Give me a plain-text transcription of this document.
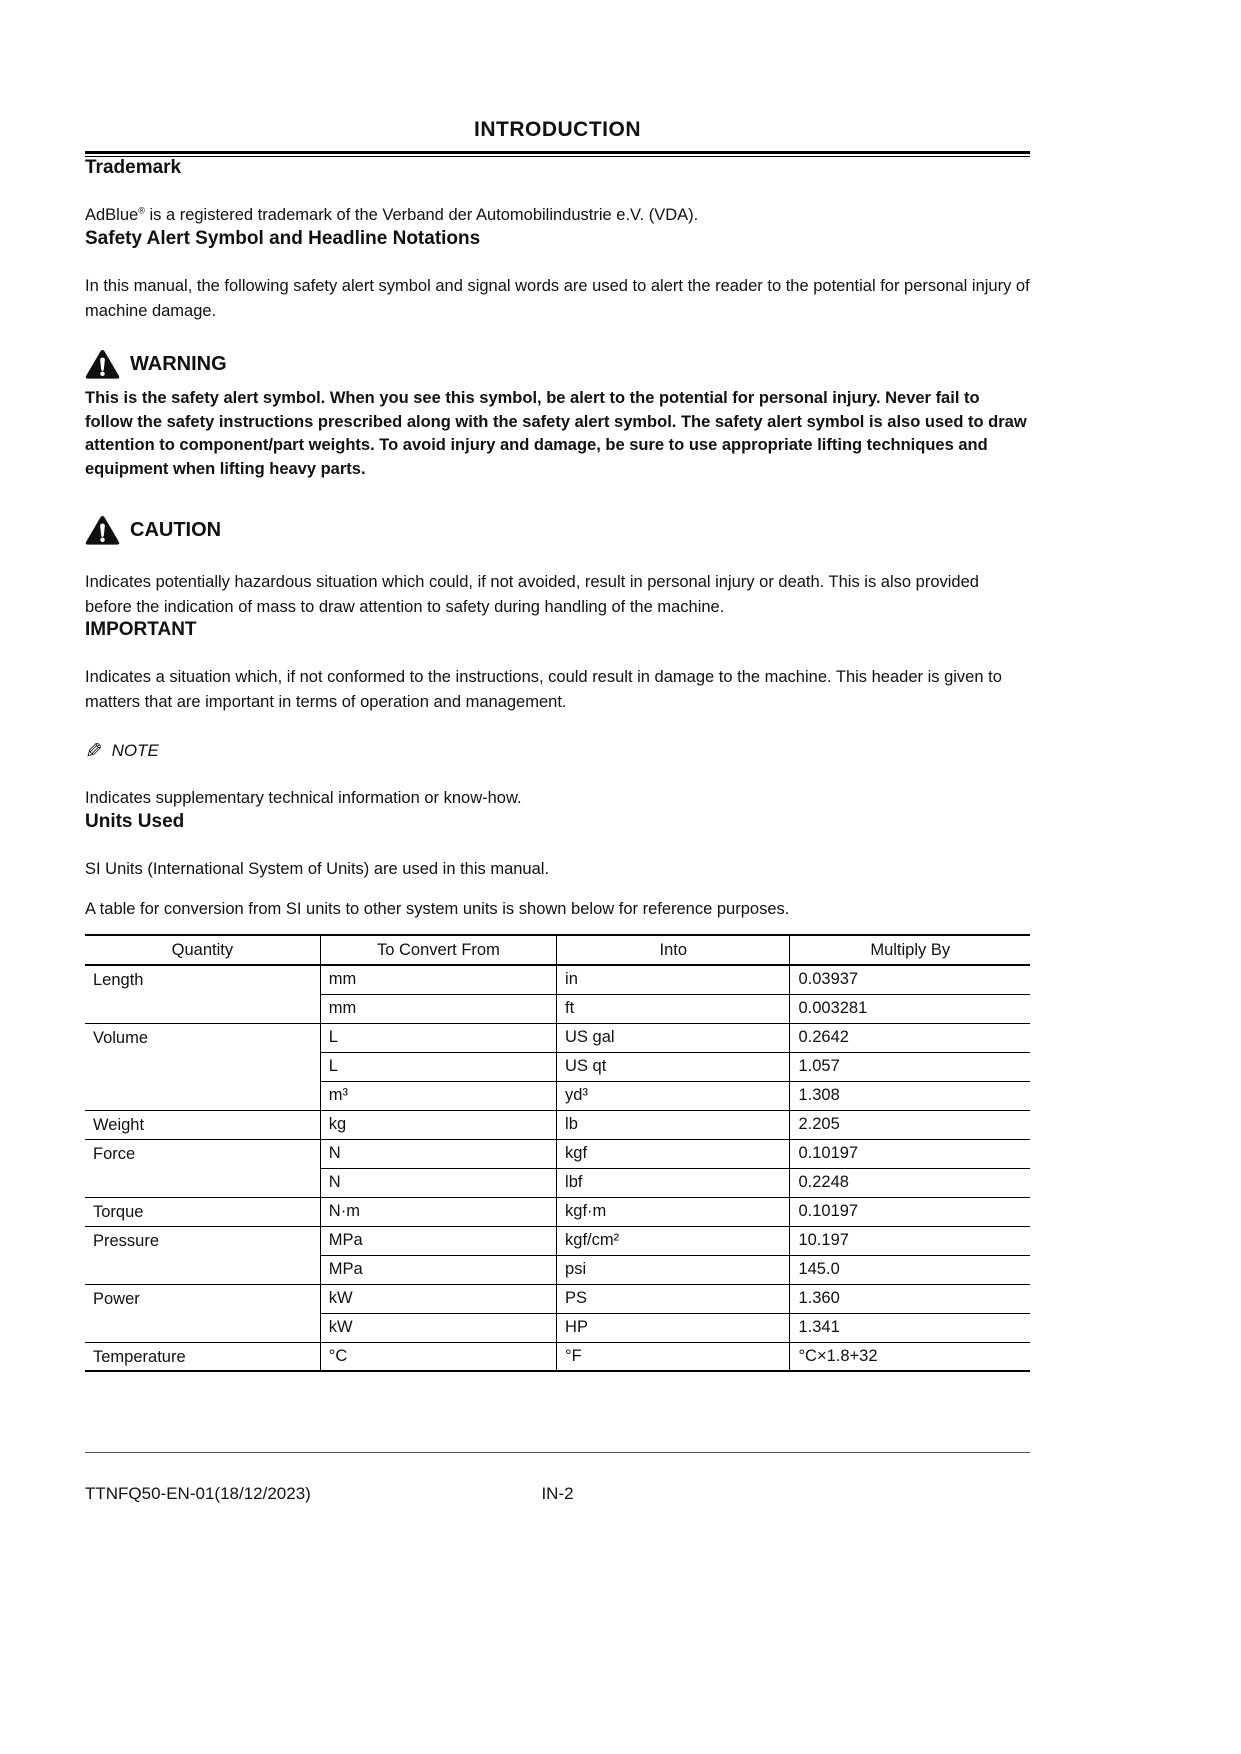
INTRODUCTION
Trademark

AdBlue® is a registered trademark of the Verband der Automobilindustrie e.V. (VDA).

Safety Alert Symbol and Headline Notations

In this manual, the following safety alert symbol and signal words are used to alert the reader to the potential for personal injury of machine damage.

WARNING

This is the safety alert symbol. When you see this symbol, be alert to the potential for personal injury. Never fail to follow the safety instructions prescribed along with the safety alert symbol. The safety alert symbol is also used to draw attention to component/part weights. To avoid injury and damage, be sure to use appropriate lifting techniques and equipment when lifting heavy parts.

CAUTION

Indicates potentially hazardous situation which could, if not avoided, result in personal injury or death. This is also provided before the indication of mass to draw attention to safety during handling of the machine.

IMPORTANT

Indicates a situation which, if not conformed to the instructions, could result in damage to the machine. This header is given to matters that are important in terms of operation and management.

✎ NOTE

Indicates supplementary technical information or know-how.

Units Used

SI Units (International System of Units) are used in this manual.

A table for conversion from SI units to other system units is shown below for reference purposes.

Quantity	To Convert From	Into	Multiply By
Length	mm	in	0.03937
	mm	ft	0.003281
Volume	L	US gal	0.2642
	L	US qt	1.057
	m³	yd³	1.308
Weight	kg	lb	2.205
Force	N	kgf	0.10197
	N	lbf	0.2248
Torque	N·m	kgf·m	0.10197
Pressure	MPa	kgf/cm²	10.197
	MPa	psi	145.0
Power	kW	PS	1.360
	kW	HP	1.341
Temperature	°C	°F	°C×1.8+32
TTNFQ50-EN-01(18/12/2023)	IN-2
